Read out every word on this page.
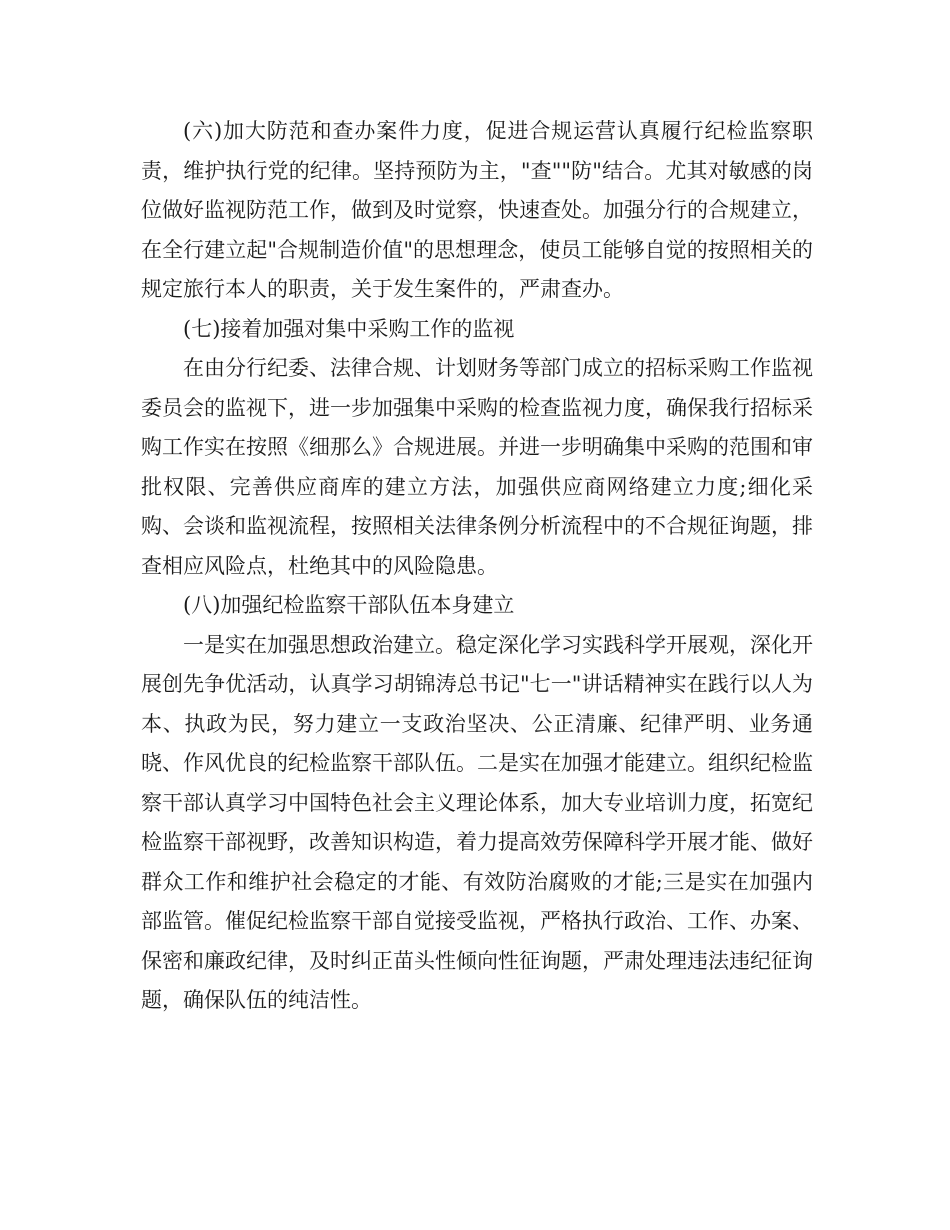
(六)加大防范和查办案件力度，促进合规运营认真履行纪检监察职责，维护执行党的纪律。坚持预防为主，"查""防"结合。尤其对敏感的岗位做好监视防范工作，做到及时觉察，快速查处。加强分行的合规建立，在全行建立起"合规制造价值"的思想理念，使员工能够自觉的按照相关的规定旅行本人的职责，关于发生案件的，严肃查办。

(七)接着加强对集中采购工作的监视

在由分行纪委、法律合规、计划财务等部门成立的招标采购工作监视委员会的监视下，进一步加强集中采购的检查监视力度，确保我行招标采购工作实在按照《细那么》合规进展。并进一步明确集中采购的范围和审批权限、完善供应商库的建立方法，加强供应商网络建立力度;细化采购、会谈和监视流程，按照相关法律条例分析流程中的不合规征询题，排查相应风险点，杜绝其中的风险隐患。

(八)加强纪检监察干部队伍本身建立

一是实在加强思想政治建立。稳定深化学习实践科学开展观，深化开展创先争优活动，认真学习胡锦涛总书记"七一"讲话精神实在践行以人为本、执政为民，努力建立一支政治坚决、公正清廉、纪律严明、业务通晓、作风优良的纪检监察干部队伍。二是实在加强才能建立。组织纪检监察干部认真学习中国特色社会主义理论体系，加大专业培训力度，拓宽纪检监察干部视野，改善知识构造，着力提高效劳保障科学开展才能、做好群众工作和维护社会稳定的才能、有效防治腐败的才能;三是实在加强内部监管。催促纪检监察干部自觉接受监视，严格执行政治、工作、办案、保密和廉政纪律，及时纠正苗头性倾向性征询题，严肃处理违法违纪征询题，确保队伍的纯洁性。
